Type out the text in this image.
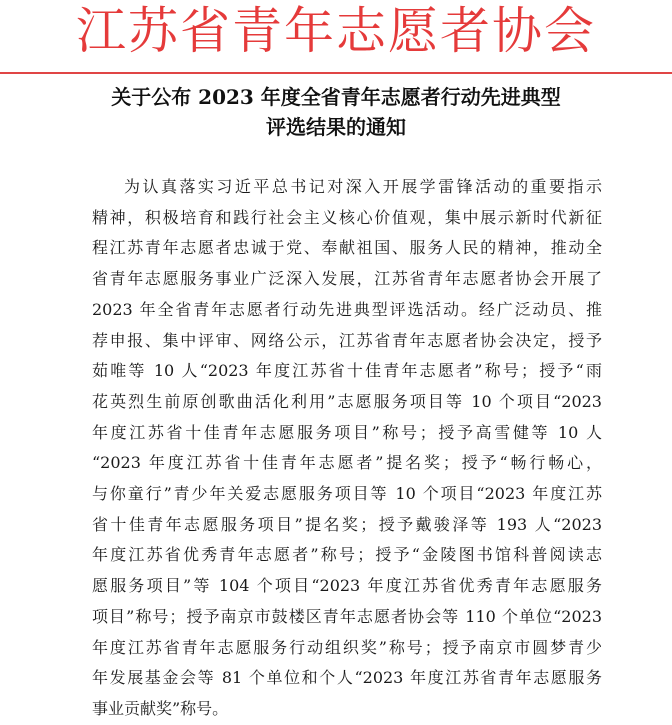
江苏省青年志愿者协会
关于公布 2023 年度全省青年志愿者行动先进典型
评选结果的通知
为认真落实习近平总书记对深入开展学雷锋活动的重要指示
精神，积极培育和践行社会主义核心价值观，集中展示新时代新征
程江苏青年志愿者忠诚于党、奉献祖国、服务人民的精神，推动全
省青年志愿服务事业广泛深入发展，江苏省青年志愿者协会开展了
2023 年全省青年志愿者行动先进典型评选活动。经广泛动员、推
荐申报、集中评审、网络公示，江苏省青年志愿者协会决定，授予
茹唯等 10 人“2023 年度江苏省十佳青年志愿者”称号；授予“雨
花英烈生前原创歌曲活化利用”志愿服务项目等 10 个项目“2023
年度江苏省十佳青年志愿服务项目”称号；授予高雪健等 10 人
“2023 年度江苏省十佳青年志愿者”提名奖；授予“畅行畅心，
与你童行”青少年关爱志愿服务项目等 10 个项目“2023 年度江苏
省十佳青年志愿服务项目”提名奖；授予戴骏泽等 193 人“2023
年度江苏省优秀青年志愿者”称号；授予“金陵图书馆科普阅读志
愿服务项目”等 104 个项目“2023 年度江苏省优秀青年志愿服务
项目”称号；授予南京市鼓楼区青年志愿者协会等 110 个单位“2023
年度江苏省青年志愿服务行动组织奖”称号；授予南京市圆梦青少
年发展基金会等 81 个单位和个人“2023 年度江苏省青年志愿服务
事业贡献奖”称号。
